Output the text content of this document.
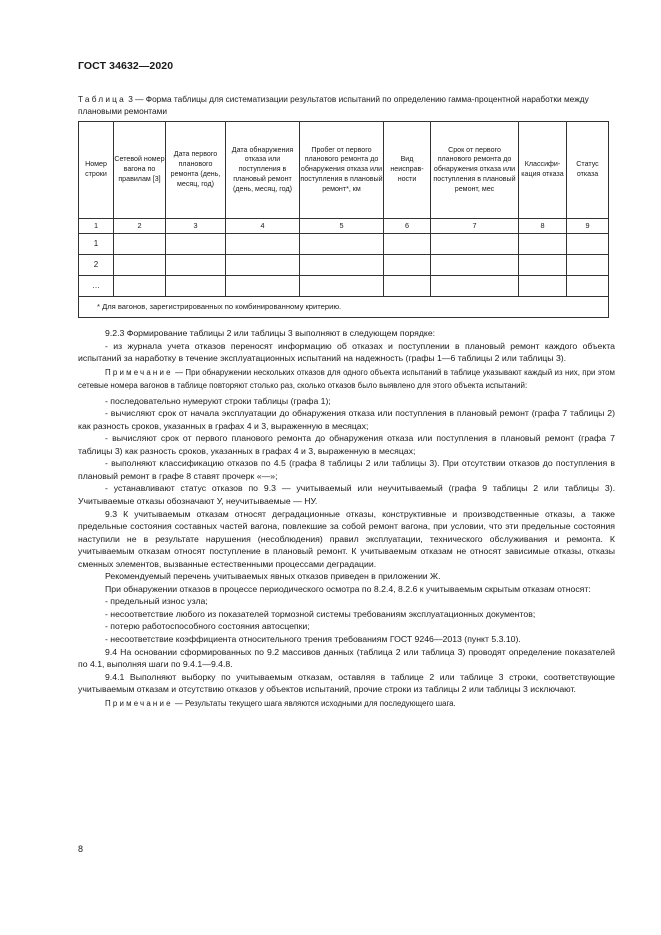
ГОСТ 34632—2020
Таблица 3 — Форма таблицы для систематизации результатов испытаний по определению гамма-процентной наработки между плановыми ремонтами
Номер строки	Сетевой номер вагона по правилам [3]	Дата первого планового ремонта (день, месяц, год)	Дата обнаружения отказа или поступления в плановый ремонт (день, месяц, год)	Пробег от первого планового ремонта до обнаружения отказа или поступления в плановый ремонт*, км	Вид неисправ-ности	Срок от первого планового ремонта до обнаружения отказа или поступления в плановый ремонт, мес	Классифи-кация отказа	Статус отказа
1	2	3	4	5	6	7	8	9
1								
2								
…								
* Для вагонов, зарегистрированных по комбинированному критерию.								

9.2.3 Формирование таблицы 2 или таблицы 3 выполняют в следующем порядке:

- из журнала учета отказов переносят информацию об отказах и поступлении в плановый ремонт каждого объекта испытаний за наработку в течение эксплуатационных испытаний на надежность (графы 1—6 таблицы 2 или таблицы 3).

Примечание — При обнаружении нескольких отказов для одного объекта испытаний в таблице указывают каждый из них, при этом сетевые номера вагонов в таблице повторяют столько раз, сколько отказов было выявлено для этого объекта испытаний:

- последовательно нумеруют строки таблицы (графа 1);

- вычисляют срок от начала эксплуатации до обнаружения отказа или поступления в плановый ремонт (графа 7 таблицы 2) как разность сроков, указанных в графах 4 и 3, выраженную в месяцах;

- вычисляют срок от первого планового ремонта до обнаружения отказа или поступления в плановый ремонт (графа 7 таблицы 3) как разность сроков, указанных в графах 4 и 3, выраженную в месяцах;

- выполняют классификацию отказов по 4.5 (графа 8 таблицы 2 или таблицы 3). При отсутствии отказов до поступления в плановый ремонт в графе 8 ставят прочерк «—»;

- устанавливают статус отказов по 9.3 — учитываемый или неучитываемый (графа 9 таблицы 2 или таблицы 3). Учитываемые отказы обозначают У, неучитываемые — НУ.

9.3 К учитываемым отказам относят деградационные отказы, конструктивные и производственные отказы, а также предельные состояния составных частей вагона, повлекшие за собой ремонт вагона, при условии, что эти предельные состояния наступили не в результате нарушения (несоблюдения) правил эксплуатации, технического обслуживания и ремонта. К учитываемым отказам относят поступление в плановый ремонт. К учитываемым отказам не относят зависимые отказы, отказы сменных элементов, вызванные естественными процессами деградации.

Рекомендуемый перечень учитываемых явных отказов приведен в приложении Ж.

При обнаружении отказов в процессе периодического осмотра по 8.2.4, 8.2.6 к учитываемым скрытым отказам относят:

- предельный износ узла;

- несоответствие любого из показателей тормозной системы требованиям эксплуатационных документов;

- потерю работоспособного состояния автосцепки;

- несоответствие коэффициента относительного трения требованиям ГОСТ 9246—2013 (пункт 5.3.10).

9.4 На основании сформированных по 9.2 массивов данных (таблица 2 или таблица 3) проводят определение показателей по 4.1, выполняя шаги по 9.4.1—9.4.8.

9.4.1 Выполняют выборку по учитываемым отказам, оставляя в таблице 2 или таблице 3 строки, соответствующие учитываемым отказам и отсутствию отказов у объектов испытаний, прочие строки из таблицы 2 или таблицы 3 исключают.

Примечание — Результаты текущего шага являются исходными для последующего шага.

8
